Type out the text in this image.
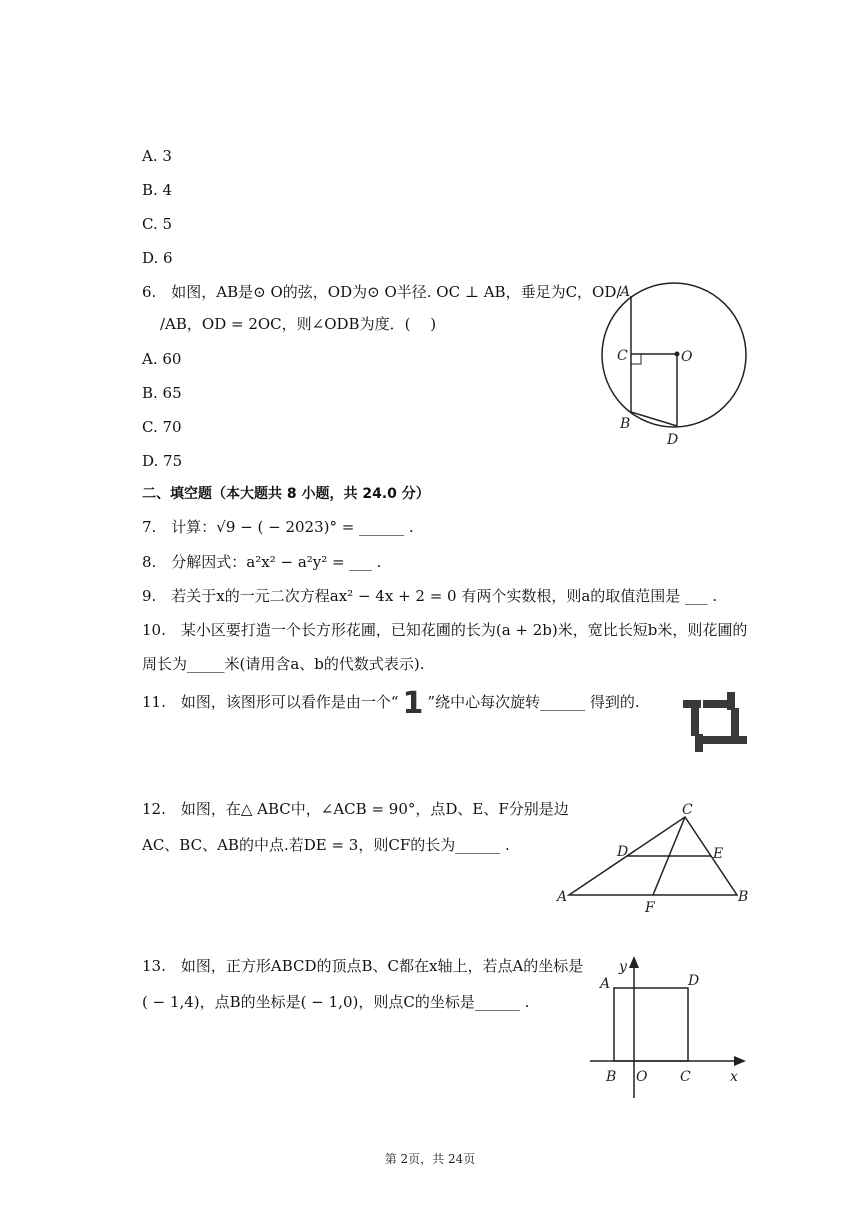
A. 3
B. 4
C. 5
D. 6
6.　如图，AB是⊙ O的弦，OD为⊙ O半径. OC ⊥ AB，垂足为C，OD/
/AB，OD = 2OC，则∠ODB为度．(　 )
A. 60
B. 65
C. 70
D. 75
A
C	O
B
D
二、填空题（本大题共 8 小题，共 24.0 分）
7.　计算：√9 − ( − 2023)° = ______ .
8.　分解因式：a²x² − a²y² = ___ .
9.　若关于x的一元二次方程ax² − 4x + 2 = 0 有两个实数根，则a的取值范围是 ___ .
10.　某小区要打造一个长方形花圃，已知花圃的长为(a + 2b)米，宽比长短b米，则花圃的
周长为_____米(请用含a、b的代数式表示).
11.　如图，该图形可以看作是由一个“ 1 ”绕中心每次旋转______ 得到的.
12.　如图，在△ ABC中，∠ACB = 90°，点D、E、F分别是边
AC、BC、AB的中点.若DE = 3，则CF的长为______ .
C
D	E
A	B
F
13.　如图，正方形ABCD的顶点B、C都在x轴上，若点A的坐标是
( − 1,4)，点B的坐标是( − 1,0)，则点C的坐标是______ .
y
A	D
B O C	x
第 2页，共 24页
